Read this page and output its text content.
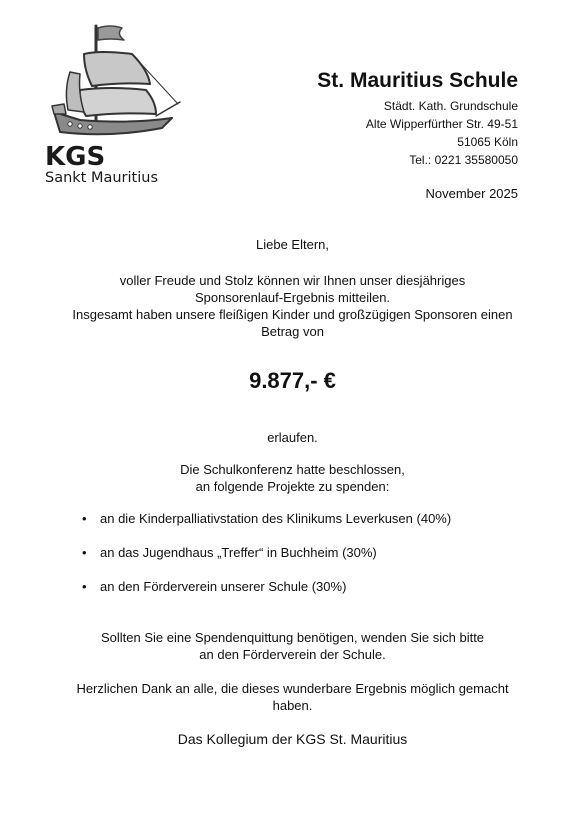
KGS
Sankt Mauritius
St. Mauritius Schule
Städt. Kath. Grundschule
Alte Wipperfürther Str. 49-51
51065 Köln
Tel.: 0221 35580050
November 2025
Liebe Eltern,
voller Freude und Stolz können wir Ihnen unser diesjähriges
Sponsorenlauf-Ergebnis mitteilen.
Insgesamt haben unsere fleißigen Kinder und großzügigen Sponsoren einen
Betrag von
9.877,- €
erlaufen.
Die Schulkonferenz hatte beschlossen,
an folgende Projekte zu spenden:
• an die Kinderpalliativstation des Klinikums Leverkusen (40%)
• an das Jugendhaus „Treffer“ in Buchheim (30%)
• an den Förderverein unserer Schule (30%)
Sollten Sie eine Spendenquittung benötigen, wenden Sie sich bitte
an den Förderverein der Schule.
Herzlichen Dank an alle, die dieses wunderbare Ergebnis möglich gemacht
haben.
Das Kollegium der KGS St. Mauritius
